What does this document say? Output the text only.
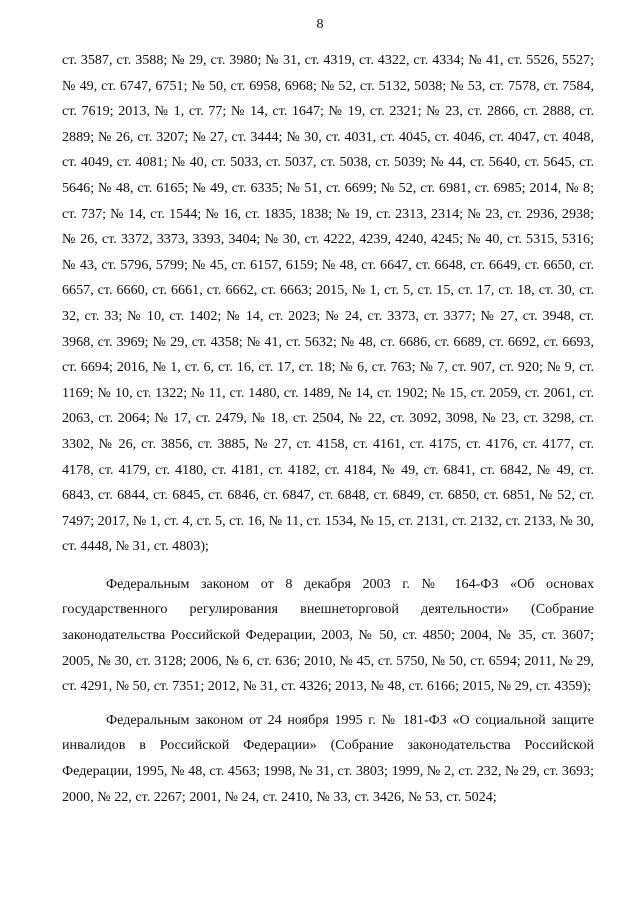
8

ст. 3587, ст. 3588; № 29, ст. 3980; № 31, ст. 4319, ст. 4322, ст. 4334; № 41, ст. 5526, 5527; № 49, ст. 6747, 6751; № 50, ст. 6958, 6968; № 52, ст. 5132, 5038; № 53, ст. 7578, ст. 7584, ст. 7619; 2013, № 1, ст. 77; № 14, ст. 1647; № 19, ст. 2321; № 23, ст. 2866, ст. 2888, ст. 2889; № 26, ст. 3207; № 27, ст. 3444; № 30, ст. 4031, ст. 4045, ст. 4046, ст. 4047, ст. 4048, ст. 4049, ст. 4081; № 40, ст. 5033, ст. 5037, ст. 5038, ст. 5039; № 44, ст. 5640, ст. 5645, ст. 5646; № 48, ст. 6165; № 49, ст. 6335; № 51, ст. 6699; № 52, ст. 6981, ст. 6985; 2014, № 8; ст. 737; № 14, ст. 1544; № 16, ст. 1835, 1838; № 19, ст. 2313, 2314; № 23, ст. 2936, 2938; № 26, ст. 3372, 3373, 3393, 3404; № 30, ст. 4222, 4239, 4240, 4245; № 40, ст. 5315, 5316; № 43, ст. 5796, 5799; № 45, ст. 6157, 6159; № 48, ст. 6647, ст. 6648, ст. 6649, ст. 6650, ст. 6657, ст. 6660, ст. 6661, ст. 6662, ст. 6663; 2015, № 1, ст. 5, ст. 15, ст. 17, ст. 18, ст. 30, ст. 32, ст. 33; № 10, ст. 1402; № 14, ст. 2023; № 24, ст. 3373, ст. 3377; № 27, ст. 3948, ст. 3968, ст. 3969; № 29, ст. 4358; № 41, ст. 5632; № 48, ст. 6686, ст. 6689, ст. 6692, ст. 6693, ст. 6694; 2016, № 1, ст. 6, ст. 16, ст. 17, ст. 18; № 6, ст. 763; № 7, ст. 907, ст. 920; № 9, ст. 1169; № 10, ст. 1322; № 11, ст. 1480, ст. 1489, № 14, ст. 1902; № 15, ст. 2059, ст. 2061, ст. 2063, ст. 2064; № 17, ст. 2479, № 18, ст. 2504, № 22, ст. 3092, 3098, № 23, ст. 3298, ст. 3302, № 26, ст. 3856, ст. 3885, № 27, ст. 4158, ст. 4161, ст. 4175, ст. 4176, ст. 4177, ст. 4178, ст. 4179, ст. 4180, ст. 4181, ст. 4182, ст. 4184, № 49, ст. 6841, ст. 6842, № 49, ст. 6843, ст. 6844, ст. 6845, ст. 6846, ст. 6847, ст. 6848, ст. 6849, ст. 6850, ст. 6851, № 52, ст. 7497; 2017, № 1, ст. 4, ст. 5, ст. 16, № 11, ст. 1534, № 15, ст. 2131, ст. 2132, ст. 2133, № 30, ст. 4448, № 31, ст. 4803);

Федеральным законом от 8 декабря 2003 г. № 164-ФЗ «Об основах государственного регулирования внешнеторговой деятельности» (Собрание законодательства Российской Федерации, 2003, № 50, ст. 4850; 2004, № 35, ст. 3607; 2005, № 30, ст. 3128; 2006, № 6, ст. 636; 2010, № 45, ст. 5750, № 50, ст. 6594; 2011, № 29, ст. 4291, № 50, ст. 7351; 2012, № 31, ст. 4326; 2013, № 48, ст. 6166; 2015, № 29, ст. 4359);

Федеральным законом от 24 ноября 1995 г. № 181-ФЗ «О социальной защите инвалидов в Российской Федерации» (Собрание законодательства Российской Федерации, 1995, № 48, ст. 4563; 1998, № 31, ст. 3803; 1999, № 2, ст. 232, № 29, ст. 3693; 2000, № 22, ст. 2267; 2001, № 24, ст. 2410, № 33, ст. 3426, № 53, ст. 5024;
